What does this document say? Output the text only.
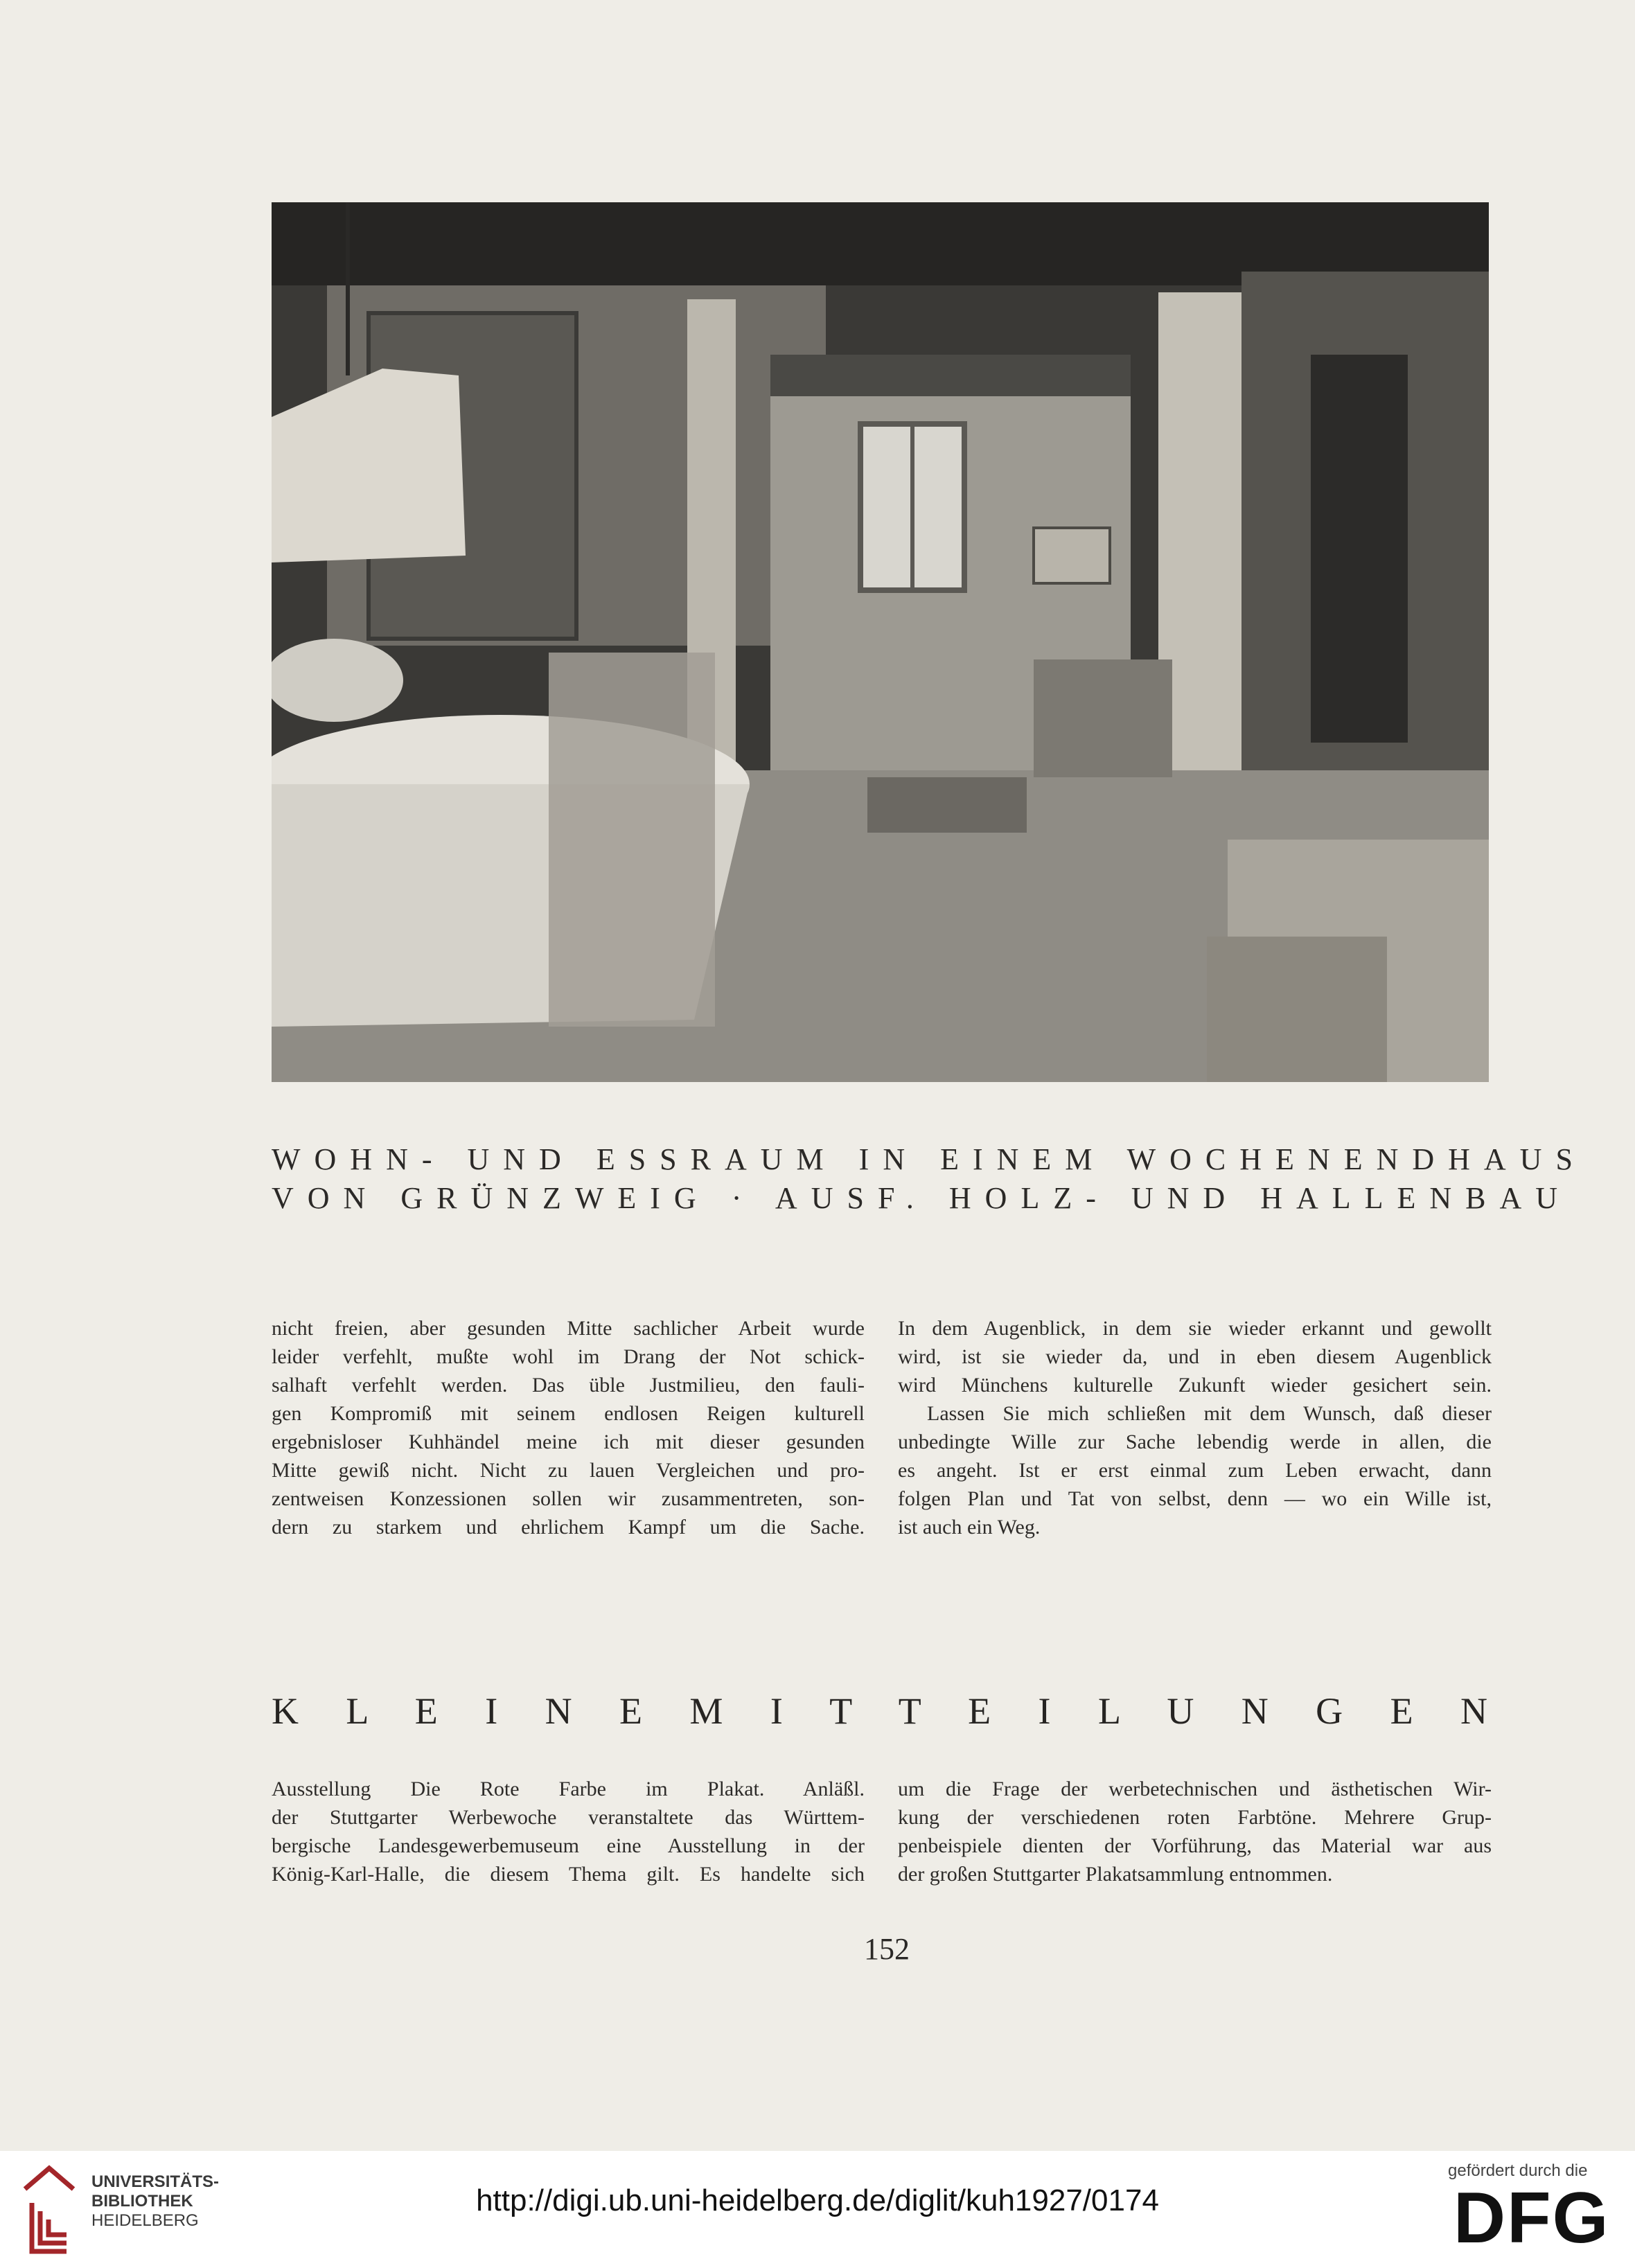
WOHN- UND ESSRAUM IN EINEM WOCHENENDHAUS
VON GRÜNZWEIG · AUSF. HOLZ- UND HALLENBAU
nicht freien, aber gesunden Mitte sachlicher Arbeit wurde
leider verfehlt, mußte wohl im Drang der Not schick-
salhaft verfehlt werden. Das üble Justmilieu, den fauli-
gen Kompromiß mit seinem endlosen Reigen kulturell
ergebnisloser Kuhhändel meine ich mit dieser gesunden
Mitte gewiß nicht. Nicht zu lauen Vergleichen und pro-
zentweisen Konzessionen sollen wir zusammentreten, son-
dern zu starkem und ehrlichem Kampf um die Sache.
In dem Augenblick, in dem sie wieder erkannt und gewollt
wird, ist sie wieder da, und in eben diesem Augenblick
wird Münchens kulturelle Zukunft wieder gesichert sein.
Lassen Sie mich schließen mit dem Wunsch, daß dieser
unbedingte Wille zur Sache lebendig werde in allen, die
es angeht. Ist er erst einmal zum Leben erwacht, dann
folgen Plan und Tat von selbst, denn — wo ein Wille ist,
ist auch ein Weg.
K L E I N E M I T T E I L U N G E N
Ausstellung Die Rote Farbe im Plakat. Anläßl.
der Stuttgarter Werbewoche veranstaltete das Württem-
bergische Landesgewerbemuseum eine Ausstellung in der
König-Karl-Halle, die diesem Thema gilt. Es handelte sich
um die Frage der werbetechnischen und ästhetischen Wir-
kung der verschiedenen roten Farbtöne. Mehrere Grup-
penbeispiele dienten der Vorführung, das Material war aus
der großen Stuttgarter Plakatsammlung entnommen.
152
UNIVERSITÄTS-
BIBLIOTHEK
HEIDELBERG
http://digi.ub.uni-heidelberg.de/diglit/kuh1927/0174
gefördert durch die
DFG
